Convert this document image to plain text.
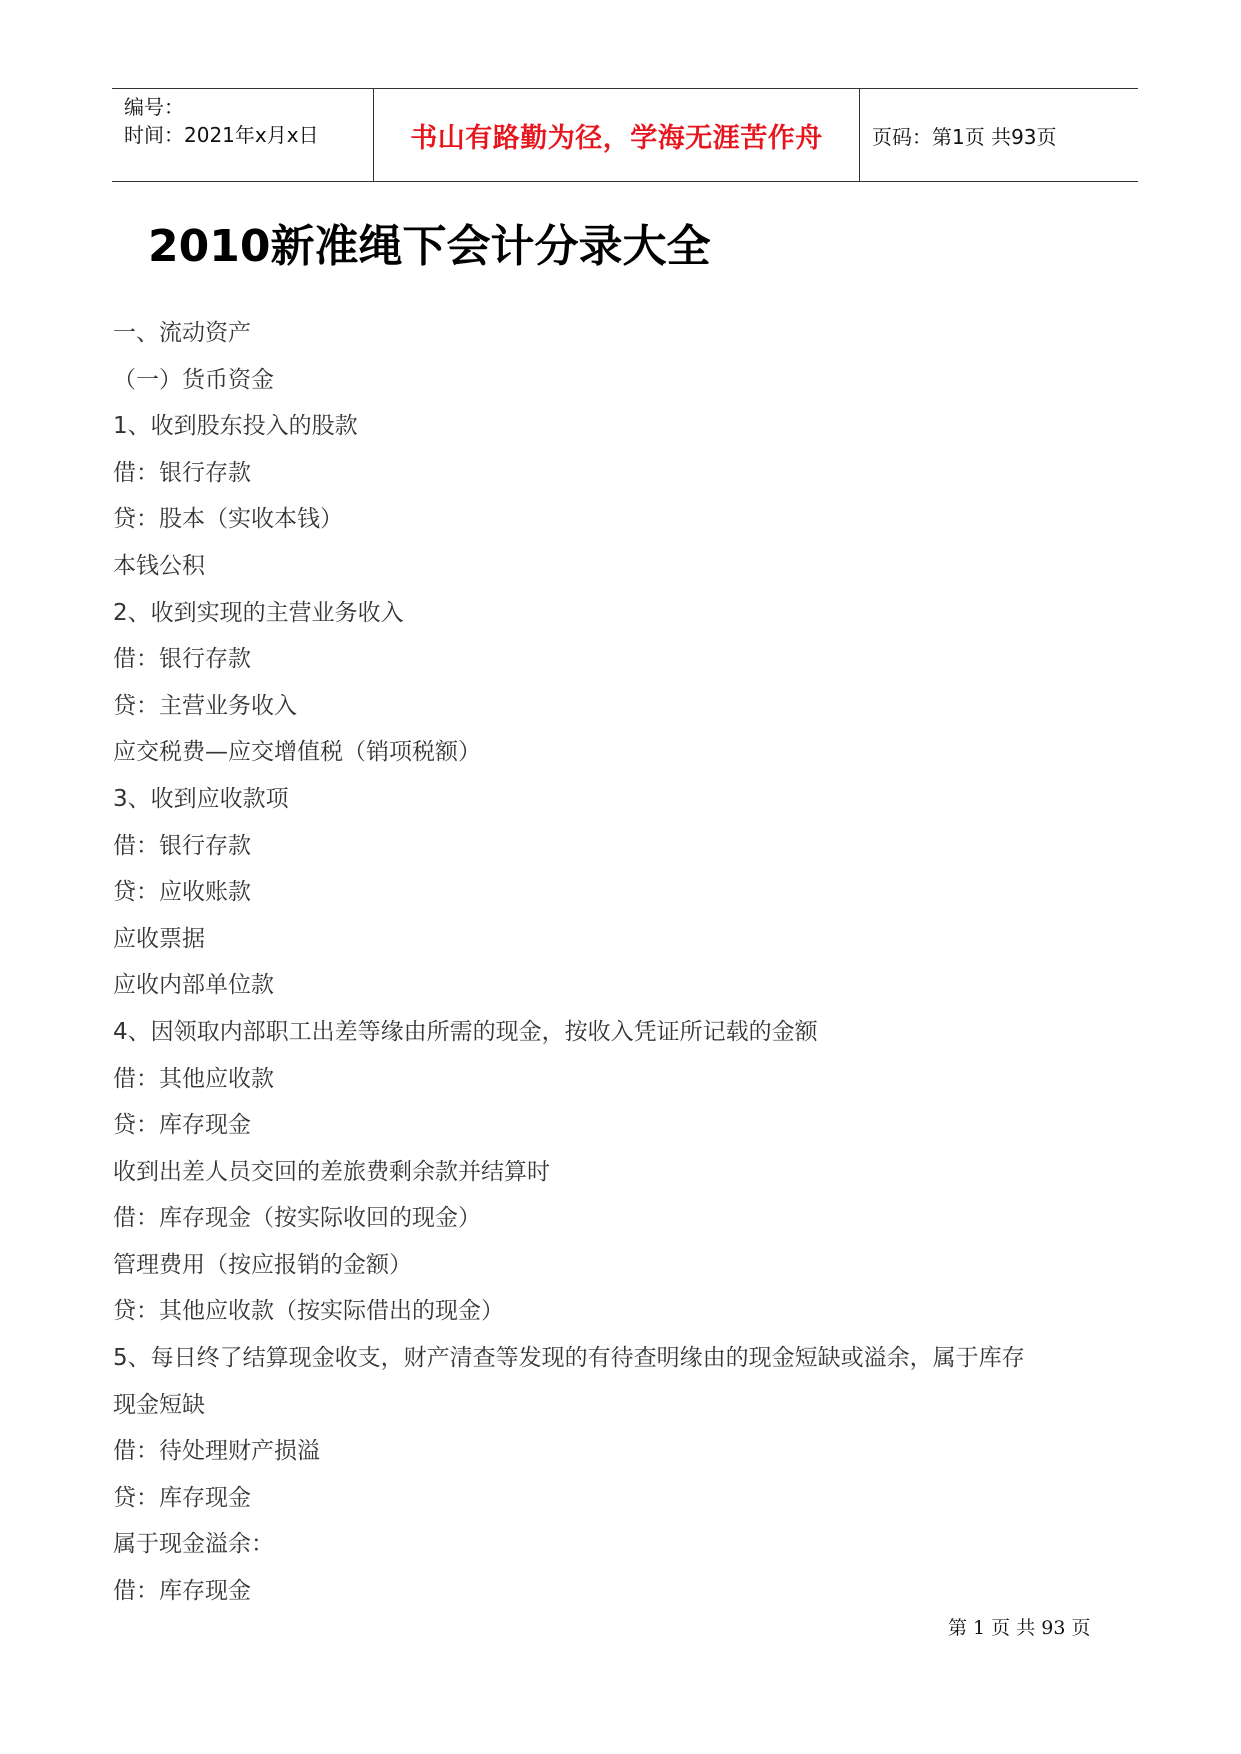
编号：
时间：2021年x月x日	书山有路勤为径，学海无涯苦作舟	页码：第1页 共93页
2010新准绳下会计分录大全
一、流动资产
（一）货币资金
1、收到股东投入的股款
借：银行存款
贷：股本（实收本钱）
本钱公积
2、收到实现的主营业务收入
借：银行存款
贷：主营业务收入
应交税费—应交增值税（销项税额）
3、收到应收款项
借：银行存款
贷：应收账款
应收票据
应收内部单位款
4、因领取内部职工出差等缘由所需的现金，按收入凭证所记载的金额
借：其他应收款
贷：库存现金
收到出差人员交回的差旅费剩余款并结算时
借：库存现金（按实际收回的现金）
管理费用（按应报销的金额）
贷：其他应收款（按实际借出的现金）
5、每日终了结算现金收支，财产清查等发现的有待查明缘由的现金短缺或溢余，属于库存
现金短缺
借：待处理财产损溢
贷：库存现金
属于现金溢余：
借：库存现金
第 1 页 共 93 页
